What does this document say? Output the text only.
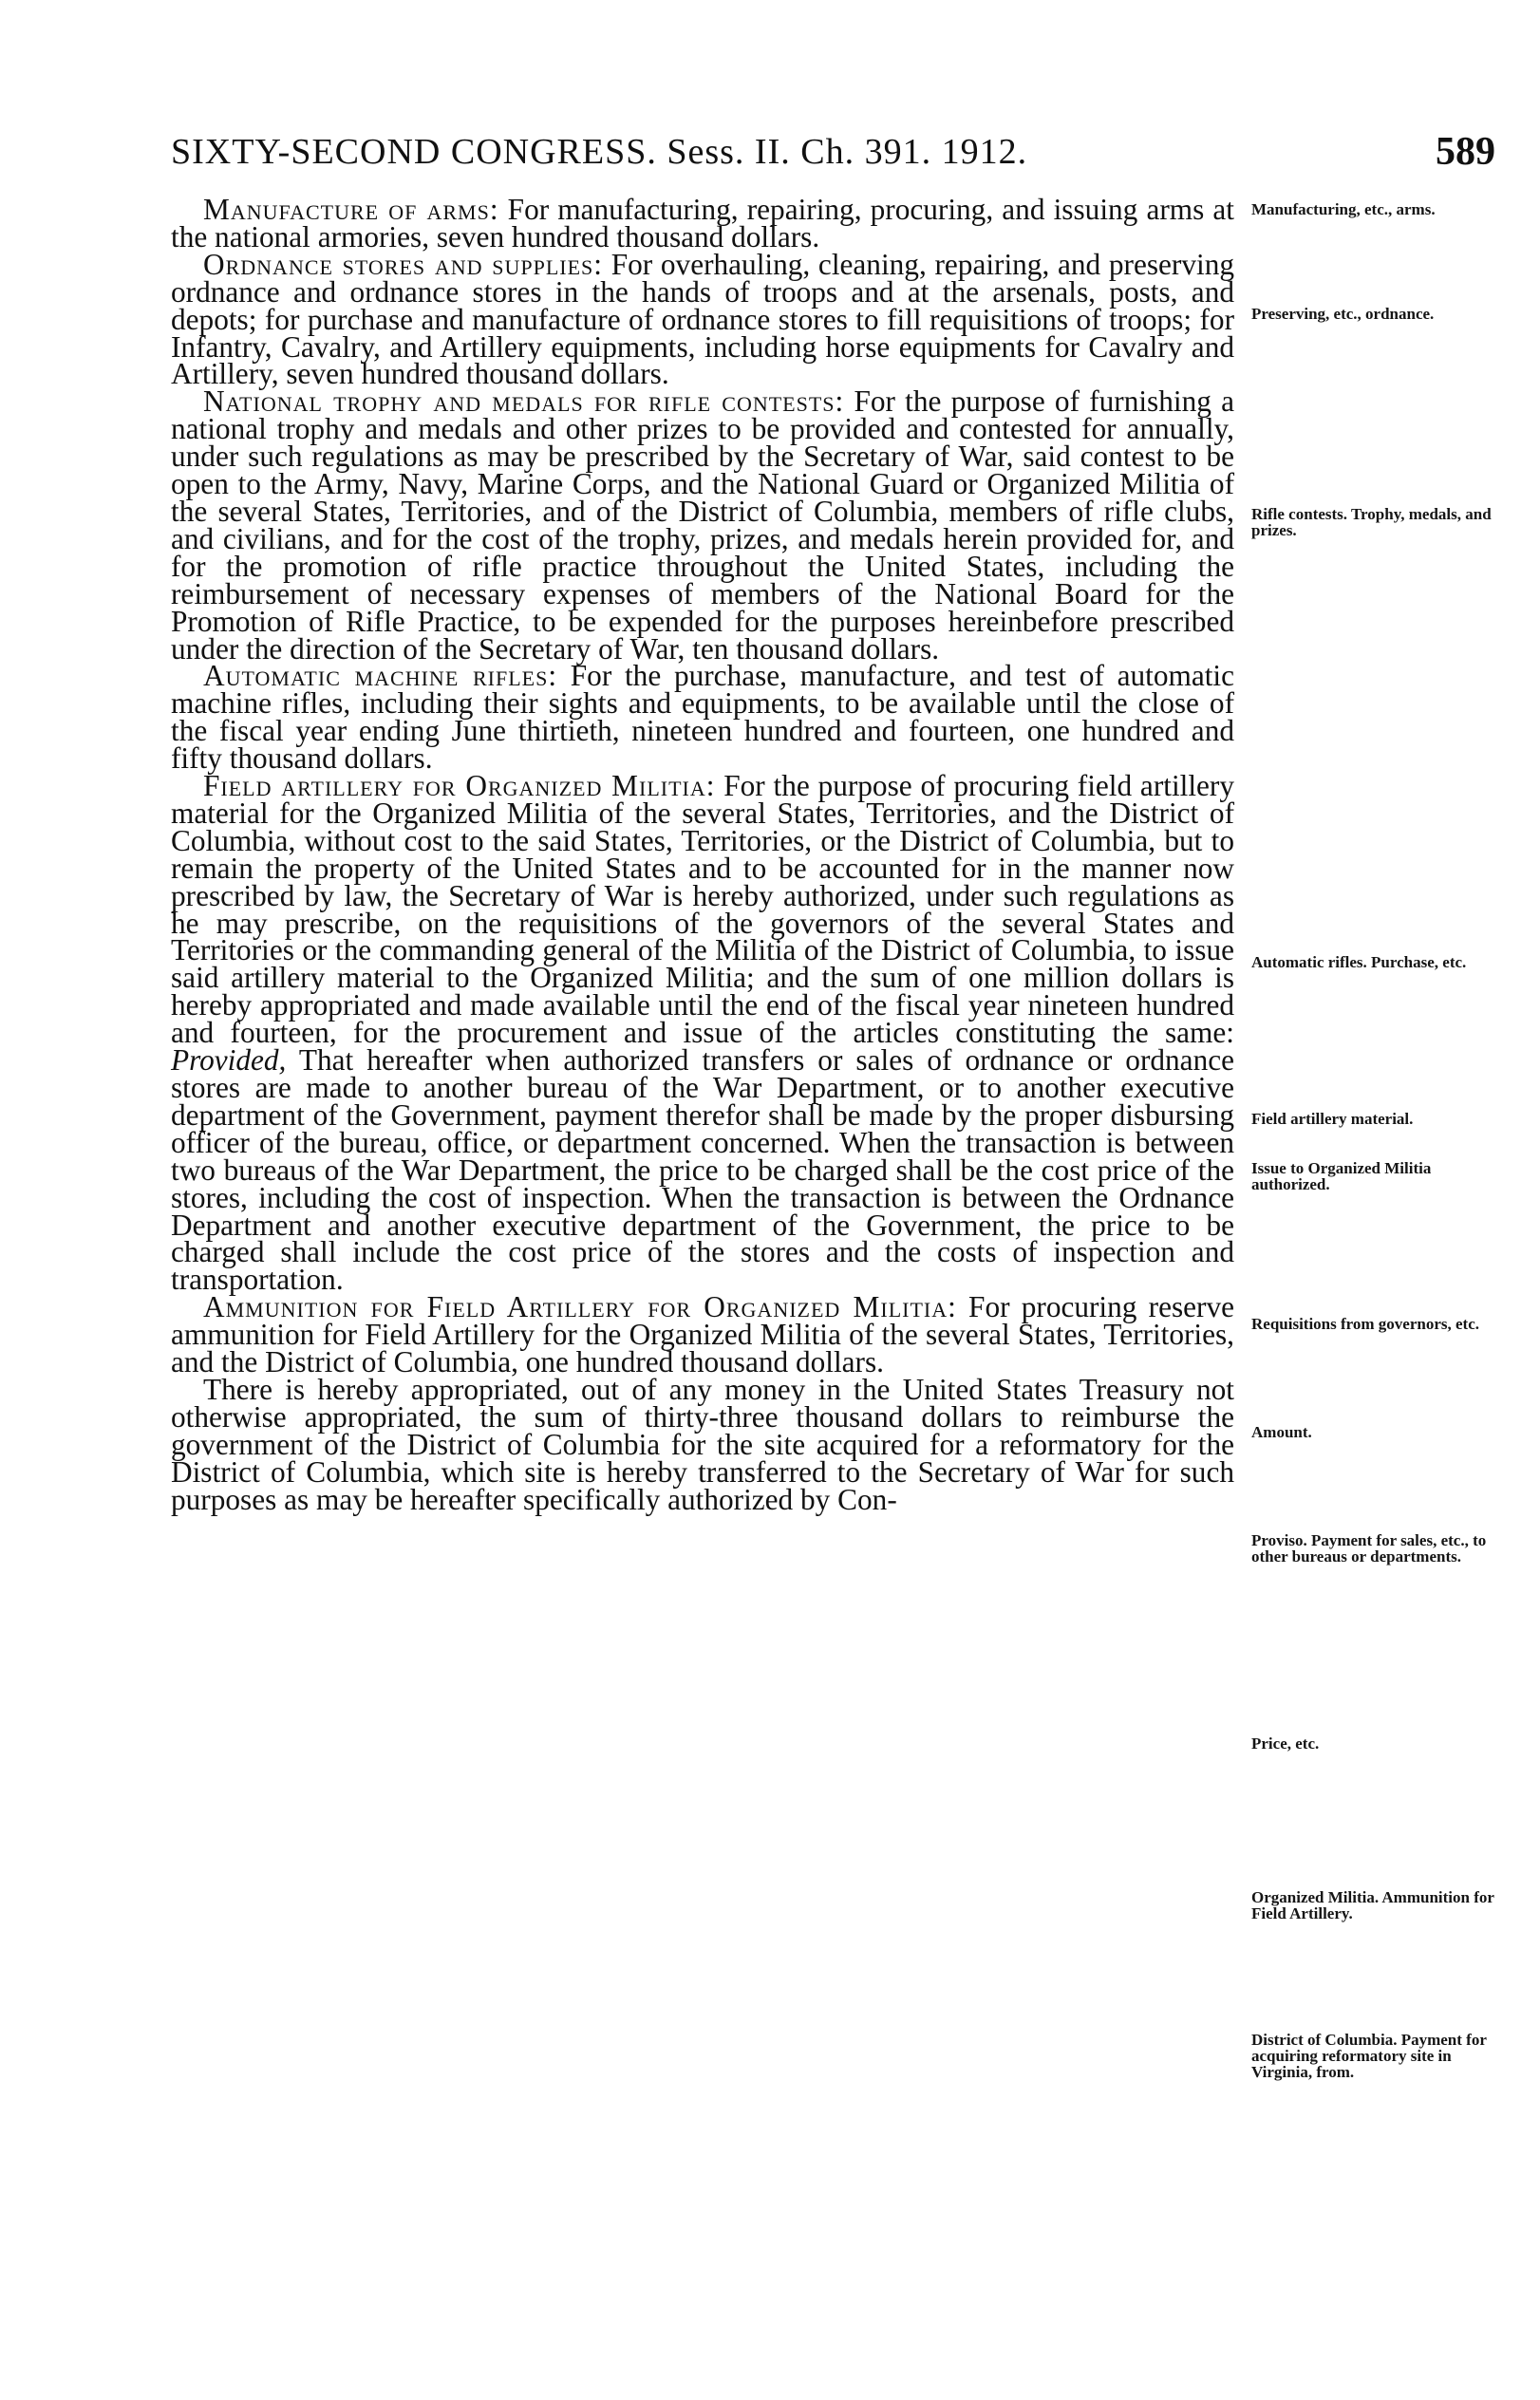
SIXTY-SECOND CONGRESS. Sess. II. Ch. 391. 1912.	589

Manufacture of arms: For manufacturing, repairing, procuring, and issuing arms at the national armories, seven hundred thousand dollars.

Ordnance stores and supplies: For overhauling, cleaning, repairing, and preserving ordnance and ordnance stores in the hands of troops and at the arsenals, posts, and depots; for purchase and manufacture of ordnance stores to fill requisitions of troops; for Infantry, Cavalry, and Artillery equipments, including horse equipments for Cavalry and Artillery, seven hundred thousand dollars.

National trophy and medals for rifle contests: For the purpose of furnishing a national trophy and medals and other prizes to be provided and contested for annually, under such regulations as may be prescribed by the Secretary of War, said contest to be open to the Army, Navy, Marine Corps, and the National Guard or Organized Militia of the several States, Territories, and of the District of Columbia, members of rifle clubs, and civilians, and for the cost of the trophy, prizes, and medals herein provided for, and for the promotion of rifle practice throughout the United States, including the reimbursement of necessary expenses of members of the National Board for the Promotion of Rifle Practice, to be expended for the purposes hereinbefore prescribed under the direction of the Secretary of War, ten thousand dollars.

Automatic machine rifles: For the purchase, manufacture, and test of automatic machine rifles, including their sights and equipments, to be available until the close of the fiscal year ending June thirtieth, nineteen hundred and fourteen, one hundred and fifty thousand dollars.

Field artillery for Organized Militia: For the purpose of procuring field artillery material for the Organized Militia of the several States, Territories, and the District of Columbia, without cost to the said States, Territories, or the District of Columbia, but to remain the property of the United States and to be accounted for in the manner now prescribed by law, the Secretary of War is hereby authorized, under such regulations as he may prescribe, on the requisitions of the governors of the several States and Territories or the commanding general of the Militia of the District of Columbia, to issue said artillery material to the Organized Militia; and the sum of one million dollars is hereby appropriated and made available until the end of the fiscal year nineteen hundred and fourteen, for the procurement and issue of the articles constituting the same: Provided, That hereafter when authorized transfers or sales of ordnance or ordnance stores are made to another bureau of the War Department, or to another executive department of the Government, payment therefor shall be made by the proper disbursing officer of the bureau, office, or department concerned. When the transaction is between two bureaus of the War Department, the price to be charged shall be the cost price of the stores, including the cost of inspection. When the transaction is between the Ordnance Department and another executive department of the Government, the price to be charged shall include the cost price of the stores and the costs of inspection and transportation.

Ammunition for Field Artillery for Organized Militia: For procuring reserve ammunition for Field Artillery for the Organized Militia of the several States, Territories, and the District of Columbia, one hundred thousand dollars.

There is hereby appropriated, out of any money in the United States Treasury not otherwise appropriated, the sum of thirty-three thousand dollars to reimburse the government of the District of Columbia for the site acquired for a reformatory for the District of Columbia, which site is hereby transferred to the Secretary of War for such purposes as may be hereafter specifically authorized by Con-

Manufacturing, etc., arms.
Preserving, etc., ordnance.
Rifle contests. Trophy, medals, and prizes.
Automatic rifles. Purchase, etc.
Field artillery material.
Issue to Organized Militia authorized.
Requisitions from governors, etc.
Amount.
Proviso. Payment for sales, etc., to other bureaus or departments.
Price, etc.
Organized Militia. Ammunition for Field Artillery.
District of Columbia. Payment for acquiring reformatory site in Virginia, from.
